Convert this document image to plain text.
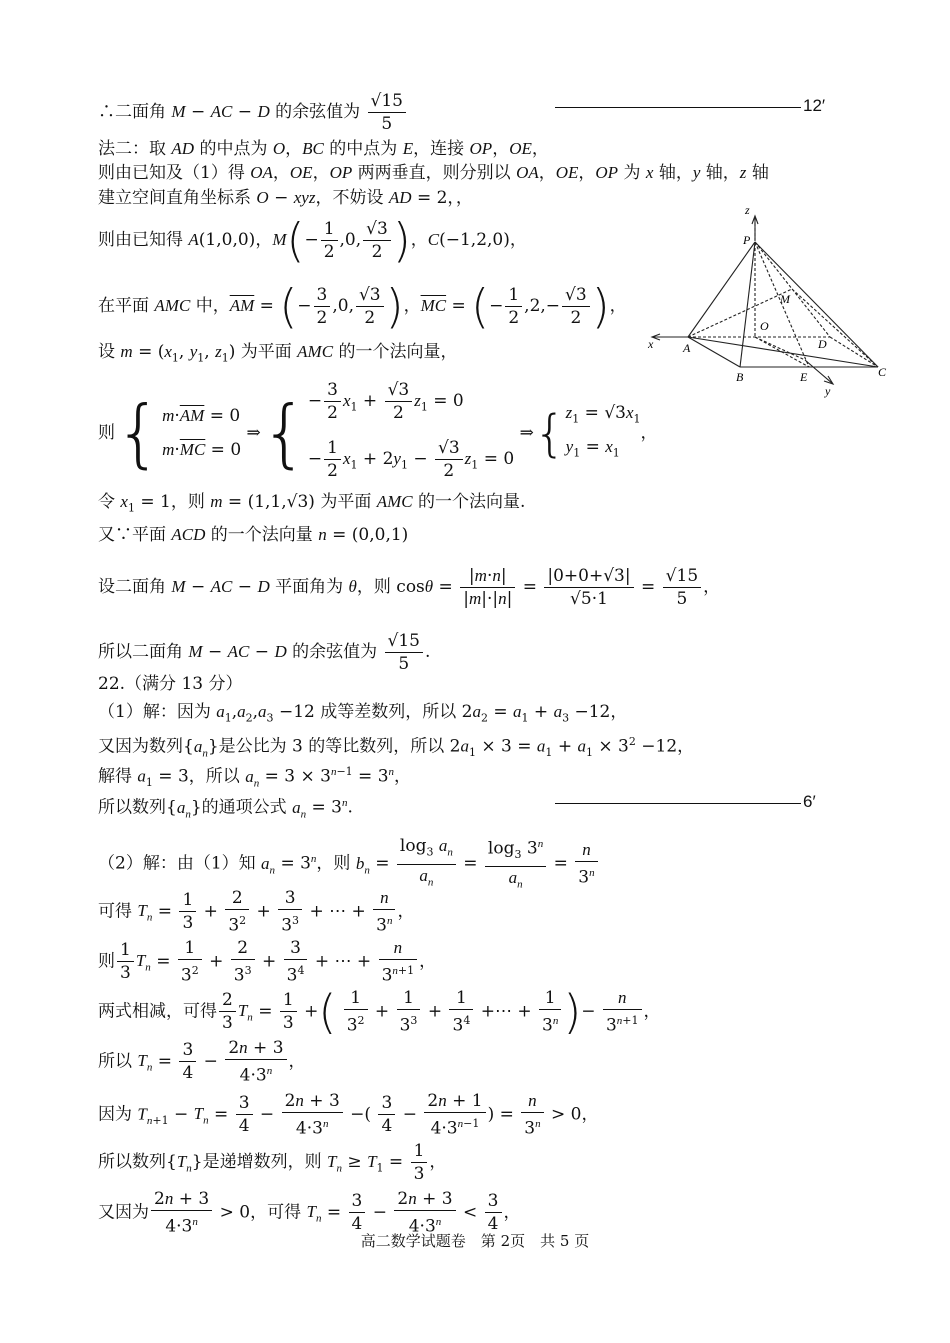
∴二面角 M − AC − D 的余弦值为 $\frac{√15}{5}$	12′
法二：取 AD 的中点为 O，BC 的中点为 E，连接 OP，OE，
则由已知及（1）得 OA，OE，OP 两两垂直，则分别以 OA，OE，OP 为 x 轴，y 轴，z 轴
建立空间直角坐标系 O − xyz，不妨设 AD = 2，，
则由已知得 A(1,0,0)，$M(- \frac{1}{2} ,0$, $\frac{√3}{2}$ )，C(−1,2,0)，
在平面 AMC 中，$\overline{AM}$ = (− $\frac{3}{2} ,0$, $\frac{√3}{2}$ )，$\overline{MC}$ = (− $\frac{1}{2} ,2,- \frac{√3}{2}$ )，
设 $m = (x_1$, $y_1$, $z_1$) 为平面 AMC 的一个法向量，
则{$m\cdot\overline{AM} = 0$
$m\cdot\overline{MC} = 0$ ⇒{− $\frac{3}{2} x_1 + \frac{√3}{2} z_1 = 0$
− $\frac{1}{2} x_1 + 2y_1 - \frac{√3}{2} z_1 = 0$ $\Rightarrow\{z_1 = √3x_1$
$y_1 = x_1$，
令 $x_1 = 1$，则 m = (1,1,√3) 为平面 AMC 的一个法向量.
又∵平面 ACD 的一个法向量 n = (0,0,1)
设二面角 M − AC − D 平面角为 θ，则 $\cos\theta = \frac{|m\cdot n|}{|m|\cdot|n|} = \frac{|0+0+√3|}{√5\cdot 1} = \frac{√15}{5}$ ，
所以二面角 M − AC − D 的余弦值为 $\frac{√15}{5}$ .
22.（满分 13 分）
（1）解：因为 $a_1,a_2,a_3 -12$ 成等差数列，所以 $2a_2 = a_1 + a_3 -12$，
又因为数列$\{a_n\}$是公比为 3 的等比数列，所以 $2a_1 \times 3 = a_1 + a_1 \times 3^2 -12$，
解得 $a_1 = 3$，所以 $a_n = 3 \times 3^{n-1} = 3^n$，
所以数列$\{a_n\}$的通项公式 $a_n = 3^n$.	6′
（2）解：由（1）知 $a_n = 3^n$，则 $b_n = \frac{\log_3 a_n}{a_n} = \frac{\log_3 3^n}{a_n} = \frac{n}{3^n}$
可得 $T_n = \frac{1}{3} + \frac{2}{3^2} + \frac{3}{3^3}$ + ⋯ + $\frac{n}{3^n}$ ，
则 $\frac{1}{3} T_n = \frac{1}{3^2} + \frac{2}{3^3} + \frac{3}{3^4}$ + ⋯ + $\frac{n}{3^{n+1}}$ ，
两式相减，可得 $\frac{2}{3} T_n = \frac{1}{3}$ +( $\frac{1}{3^2} + \frac{1}{3^3} + \frac{1}{3^4}$ +⋯ + $\frac{1}{3^n}$ )− $\frac{n}{3^{n+1}}$ ，
所以 $T_n = \frac{3}{4} - \frac{2n + 3}{4\cdot 3^n}$ ，
因为 $T_{n+1} - T_n = \frac{3}{4} - \frac{2n + 3}{4\cdot 3^n}$ −( $\frac{3}{4} - \frac{2n + 1}{4\cdot 3^{n-1}}$ ) = $\frac{n}{3^n} > 0$，
所以数列$\{T_n\}$是递增数列，则 $T_n \ge T_1 = \frac{1}{3}$ ，
又因为 $\frac{2n + 3}{4\cdot 3^n} > 0$，可得 $T_n = \frac{3}{4} - \frac{2n + 3}{4\cdot 3^n} < \frac{3}{4}$ ，
z
P
M
O
D
x A
B	E	C
y
高二数学试题卷　第 2页　共 5 页
